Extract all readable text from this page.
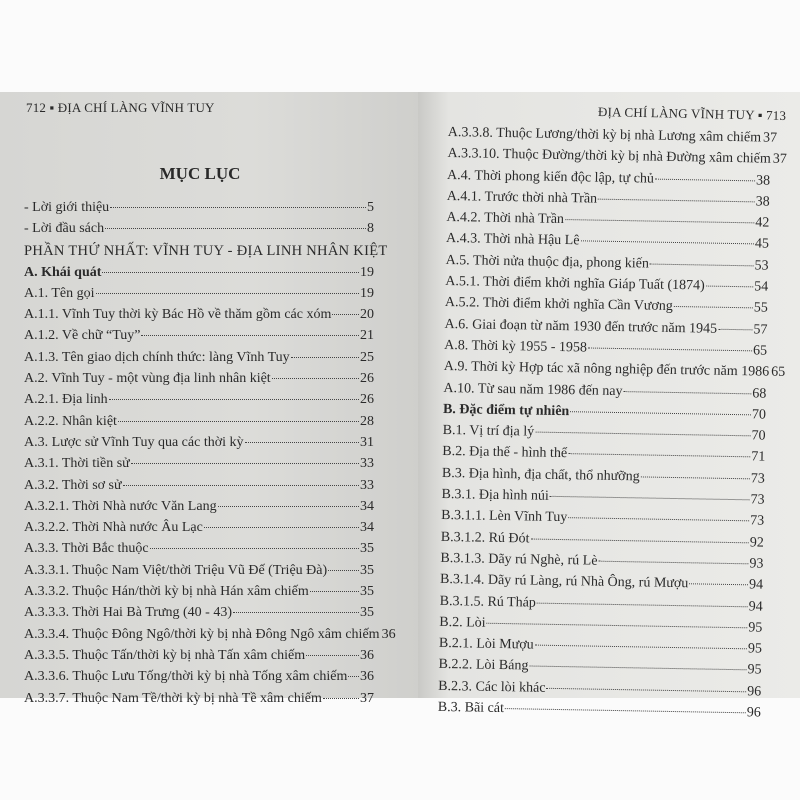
712 ▪ ĐỊA CHÍ LÀNG VĨNH TUY
MỤC LỤC
- Lời giới thiệu	5
- Lời đầu sách	8
PHẦN THỨ NHẤT: VĨNH TUY - ĐỊA LINH NHÂN KIỆT
A. Khái quát	19
A.1. Tên gọi	19
A.1.1. Vĩnh Tuy thời kỳ Bác Hồ về thăm gồm các xóm 20
A.1.2. Về chữ “Tuy”	21
A.1.3. Tên giao dịch chính thức: làng Vĩnh Tuy	25
A.2. Vĩnh Tuy - một vùng địa linh nhân kiệt	26
A.2.1. Địa linh	26
A.2.2. Nhân kiệt	28
A.3. Lược sử Vĩnh Tuy qua các thời kỳ	31
A.3.1. Thời tiền sử	33
A.3.2. Thời sơ sử	33
A.3.2.1. Thời Nhà nước Văn Lang	34
A.3.2.2. Thời Nhà nước Âu Lạc	34
A.3.3. Thời Bắc thuộc	35
A.3.3.1. Thuộc Nam Việt/thời Triệu Vũ Đế (Triệu Đà) 35
A.3.3.2. Thuộc Hán/thời kỳ bị nhà Hán xâm chiếm	35
A.3.3.3. Thời Hai Bà Trưng (40 - 43)	35
A.3.3.4. Thuộc Đông Ngô/thời kỳ bị nhà Đông Ngô xâm chiếm 36
A.3.3.5. Thuộc Tấn/thời kỳ bị nhà Tấn xâm chiếm	36
A.3.3.6. Thuộc Lưu Tống/thời kỳ bị nhà Tống xâm chiếm 36
A.3.3.7. Thuộc Nam Tề/thời kỳ bị nhà Tề xâm chiếm	37
ĐỊA CHÍ LÀNG VĨNH TUY ▪ 713
A.3.3.8. Thuộc Lương/thời kỳ bị nhà Lương xâm chiếm 37
A.3.3.10. Thuộc Đường/thời kỳ bị nhà Đường xâm chiếm 37
A.4. Thời phong kiến độc lập, tự chủ	38
A.4.1. Trước thời nhà Trần	38
A.4.2. Thời nhà Trần	42
A.4.3. Thời nhà Hậu Lê	45
A.5. Thời nửa thuộc địa, phong kiến	53
A.5.1. Thời điểm khởi nghĩa Giáp Tuất (1874)	54
A.5.2. Thời điểm khởi nghĩa Cần Vương	55
A.6. Giai đoạn từ năm 1930 đến trước năm 1945	57
A.8. Thời kỳ 1955 - 1958	65
A.9. Thời kỳ Hợp tác xã nông nghiệp đến trước năm 1986 65
A.10. Từ sau năm 1986 đến nay	68
B. Đặc điểm tự nhiên	70
B.1. Vị trí địa lý	70
B.2. Địa thế - hình thể	71
B.3. Địa hình, địa chất, thổ nhưỡng	73
B.3.1. Địa hình núi	73
B.3.1.1. Lèn Vĩnh Tuy	73
B.3.1.2. Rú Đót	92
B.3.1.3. Dãy rú Nghè, rú Lè	93
B.3.1.4. Dãy rú Làng, rú Nhà Ông, rú Mượu	94
B.3.1.5. Rú Tháp	94
B.2. Lòi	95
B.2.1. Lòi Mượu	95
B.2.2. Lòi Báng	95
B.2.3. Các lòi khác	96
B.3. Bãi cát	96
